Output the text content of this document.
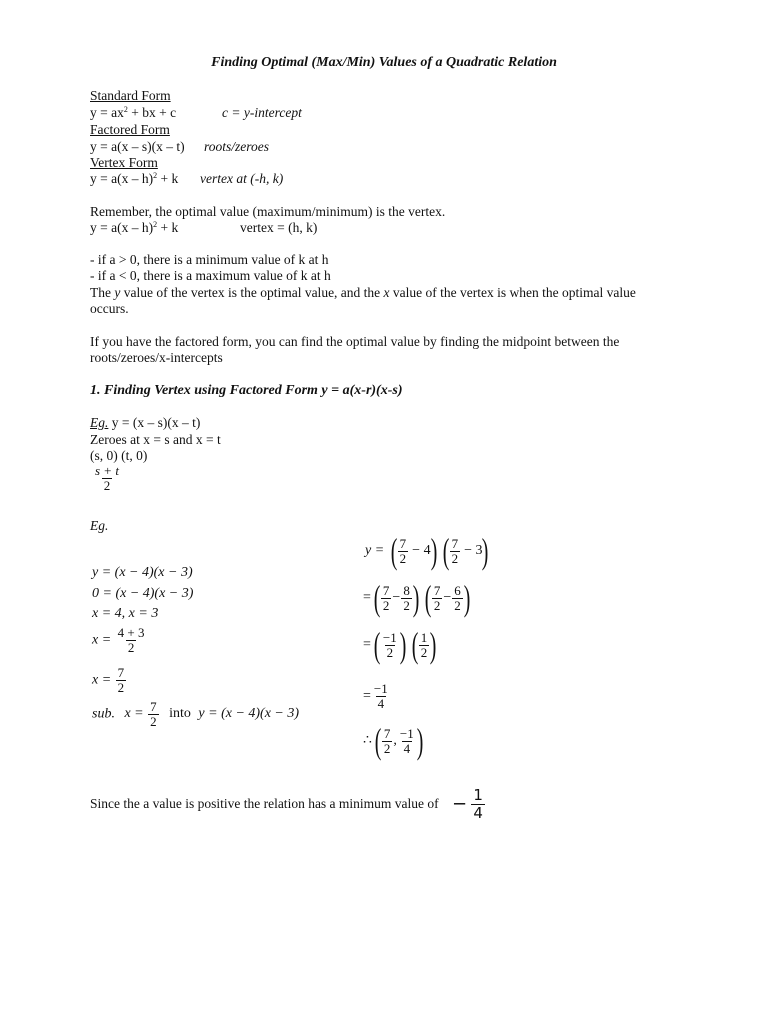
Finding Optimal (Max/Min) Values of a Quadratic Relation
Standard Form
$y = ax^2$ + bx + c	c = y-intercept
Factored Form
y = a(x – s)(x – t) roots/zeroes
Vertex Form
y = a(x – h)$^2$ + k vertex at (-h, k)
Remember, the optimal value (maximum/minimum) is the vertex.
y = a(x – h)$^2$ + k	vertex = (h, k)
- if a > 0, there is a minimum value of k at h
- if a < 0, there is a maximum value of k at h
The y value of the vertex is the optimal value, and the x value of the vertex is when the optimal value
occurs.
If you have the factored form, you can find the optimal value by finding the midpoint between the
roots/zeroes/x-intercepts
1. Finding Vertex using Factored Form y = a(x-r)(x-s)
Eg. y = (x – s)(x – t)
Zeroes at x = s and x = t
(s, 0) (t, 0)
$\frac{s + t}{2}$
Eg.
y = (x − 4)(x − 3)
0 = (x − 4)(x − 3)
x = 4, x = 3
$x = \frac{4 + 3}{2}$
$x = \frac{7}{2}$
sub. $x = \frac{7}{2}$ into y = (x − 4)(x − 3)
y = ( $\frac{7}{2} - 4$
) ( $\frac{7}{2} - 3$
)
= ( $\frac{7}{2} - \frac{8}{2}$
) ( $\frac{7}{2} - \frac{6}{2}$
)
= ( $\frac{-1}{2}$
) ( $\frac{1}{2}$
)
= $\frac{-1}{4}$
∴ ( $\frac{7}{2}$ , $\frac{-1}{4}$
)
Since the a value is positive the relation has a minimum value of − $\frac{1}{4}$
